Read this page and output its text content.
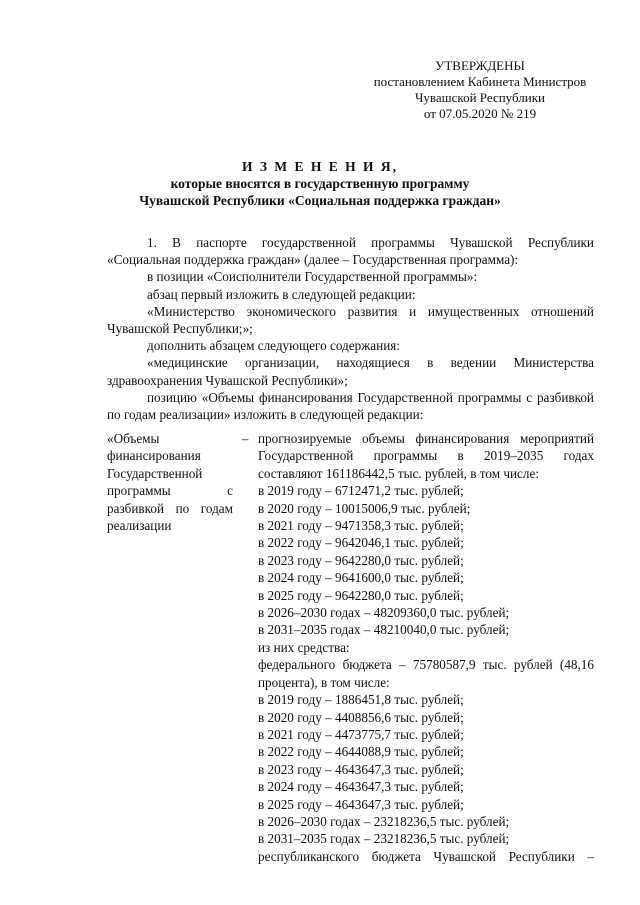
УТВЕРЖДЕНЫ
постановлением Кабинета Министров
Чувашской Республики
от 07.05.2020 № 219
И З М Е Н Е Н И Я,
которые вносятся в государственную программу
Чувашской Республики «Социальная поддержка граждан»

1. В паспорте государственной программы Чувашской Республики «Социальная поддержка граждан» (далее – Государственная программа):

в позиции «Соисполнители Государственной программы»:

абзац первый изложить в следующей редакции:

«Министерство экономического развития и имущественных отношений Чувашской Республики;»;

дополнить абзацем следующего содержания:

«медицинские организации, находящиеся в ведении Министерства здравоохранения Чувашской Республики»;

позицию «Объемы финансирования Государственной программы с разбивкой по годам реализации» изложить в следующей редакции:

«Объемы финансирования Государственной программы с разбивкой по годам реализации
– прогнозируемые объемы финансирования мероприятий Государственной программы в 2019–2035 годах составляют 161186442,5 тыс. рублей, в том числе:
в 2019 году – 6712471,2 тыс. рублей;
в 2020 году – 10015006,9 тыс. рублей;
в 2021 году – 9471358,3 тыс. рублей;
в 2022 году – 9642046,1 тыс. рублей;
в 2023 году – 9642280,0 тыс. рублей;
в 2024 году – 9641600,0 тыс. рублей;
в 2025 году – 9642280,0 тыс. рублей;
в 2026–2030 годах – 48209360,0 тыс. рублей;
в 2031–2035 годах – 48210040,0 тыс. рублей;
из них средства:
федерального бюджета – 75780587,9 тыс. рублей (48,16 процента), в том числе:
в 2019 году – 1886451,8 тыс. рублей;
в 2020 году – 4408856,6 тыс. рублей;
в 2021 году – 4473775,7 тыс. рублей;
в 2022 году – 4644088,9 тыс. рублей;
в 2023 году – 4643647,3 тыс. рублей;
в 2024 году – 4643647,3 тыс. рублей;
в 2025 году – 4643647,3 тыс. рублей;
в 2026–2030 годах – 23218236,5 тыс. рублей;
в 2031–2035 годах – 23218236,5 тыс. рублей;
республиканского бюджета Чувашской Республики –
